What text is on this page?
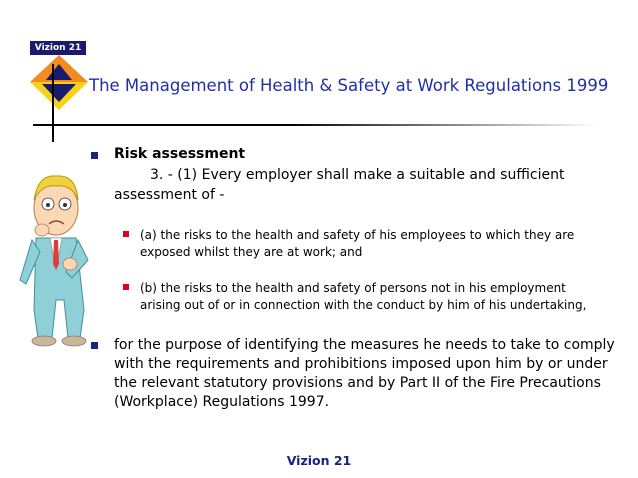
Vizion 21
The Management of Health & Safety at Work Regulations 1999
Risk assessment
3. - (1) Every employer shall make a suitable and sufficient assessment of -
(a) the risks to the health and safety of his employees to which they are exposed whilst they are at work; and
(b) the risks to the health and safety of persons not in his employment arising out of or in connection with the conduct by him of his undertaking,
for the purpose of identifying the measures he needs to take to comply with the requirements and prohibitions imposed upon him by or under the relevant statutory provisions and by Part II of the Fire Precautions (Workplace) Regulations 1997.
Vizion 21
